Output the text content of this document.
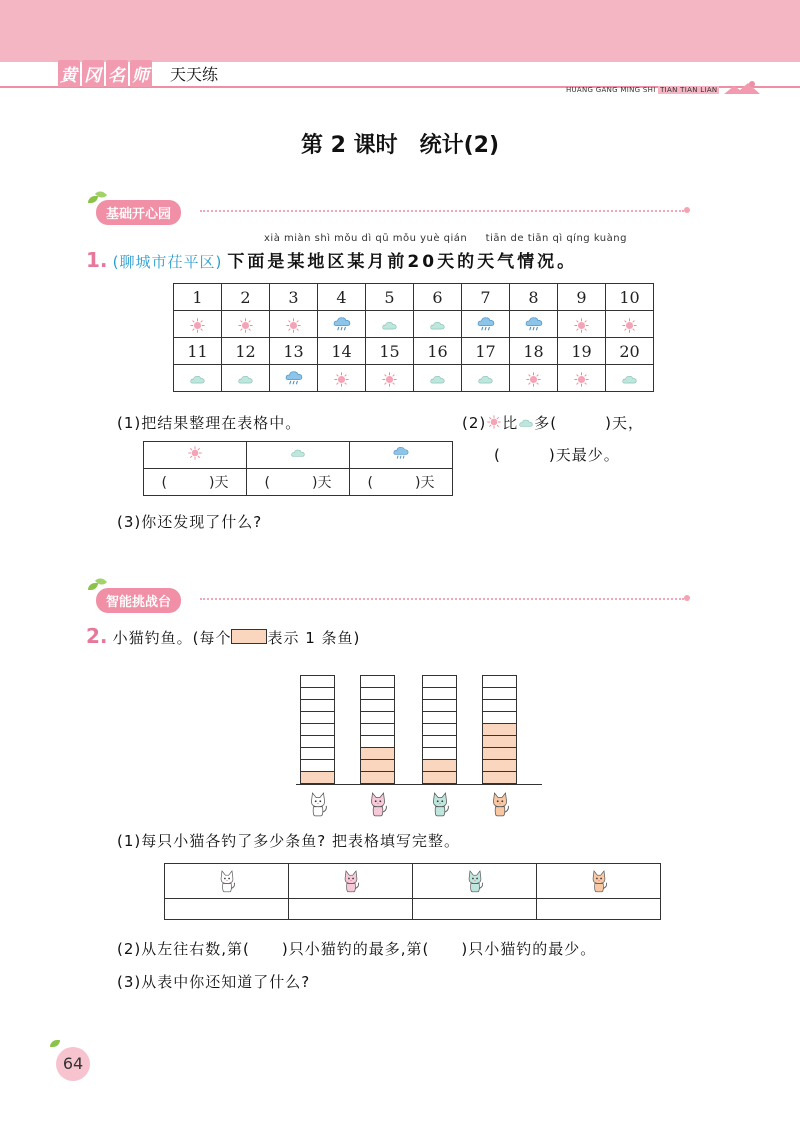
黄 冈 名 师 天天练
HUANG GANG MING SHI TIAN TIAN LIAN
第 2 课时　统计(2)
基础开心园
xià miàn shì mǒu dì qū mǒu yuè qián     tiān de tiān qì qíng kuàng
1. (聊城市茌平区) 下面是某地区某月前20天的天气情况。
1	2	3	4	5	6	7	8	9	10

11	12	13	14	15	16	17	18	19	20

(1)把结果整理在表格中。	(2) 比 多(　　　)天，
(　　　)天最少。

(　　　)天	(　　　)天	(　　　)天
(3)你还发现了什么?
智能挑战台
2. 小猫钓鱼。(每个 表示 1 条鱼)
(1)每只小猫各钓了多少条鱼? 把表格填写完整。

(2)从左往右数,第(　　)只小猫钓的最多,第(　　)只小猫钓的最少。
(3)从表中你还知道了什么?
64
